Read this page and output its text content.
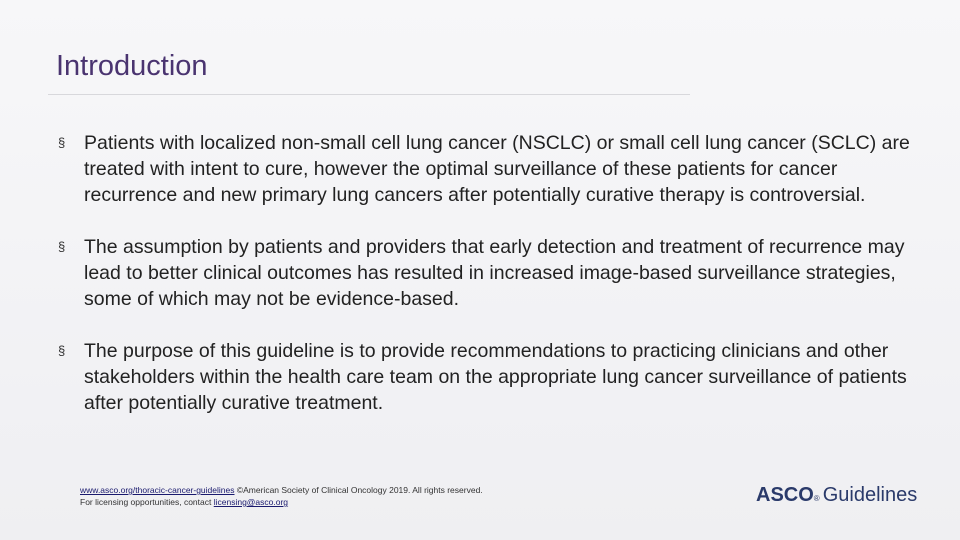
Introduction
§ Patients with localized non-small cell lung cancer (NSCLC) or small cell lung cancer (SCLC) are treated with intent to cure, however the optimal surveillance of these patients for cancer recurrence and new primary lung cancers after potentially curative therapy is controversial.
§ The assumption by patients and providers that early detection and treatment of recurrence may lead to better clinical outcomes has resulted in increased image-based surveillance strategies, some of which may not be evidence-based.
§ The purpose of this guideline is to provide recommendations to practicing clinicians and other stakeholders within the health care team on the appropriate lung cancer surveillance of patients after potentially curative treatment.
www.asco.org/thoracic-cancer-guidelines ©American Society of Clinical Oncology 2019. All rights reserved.
For licensing opportunities, contact licensing@asco.org	ASCO ® Guidelines
